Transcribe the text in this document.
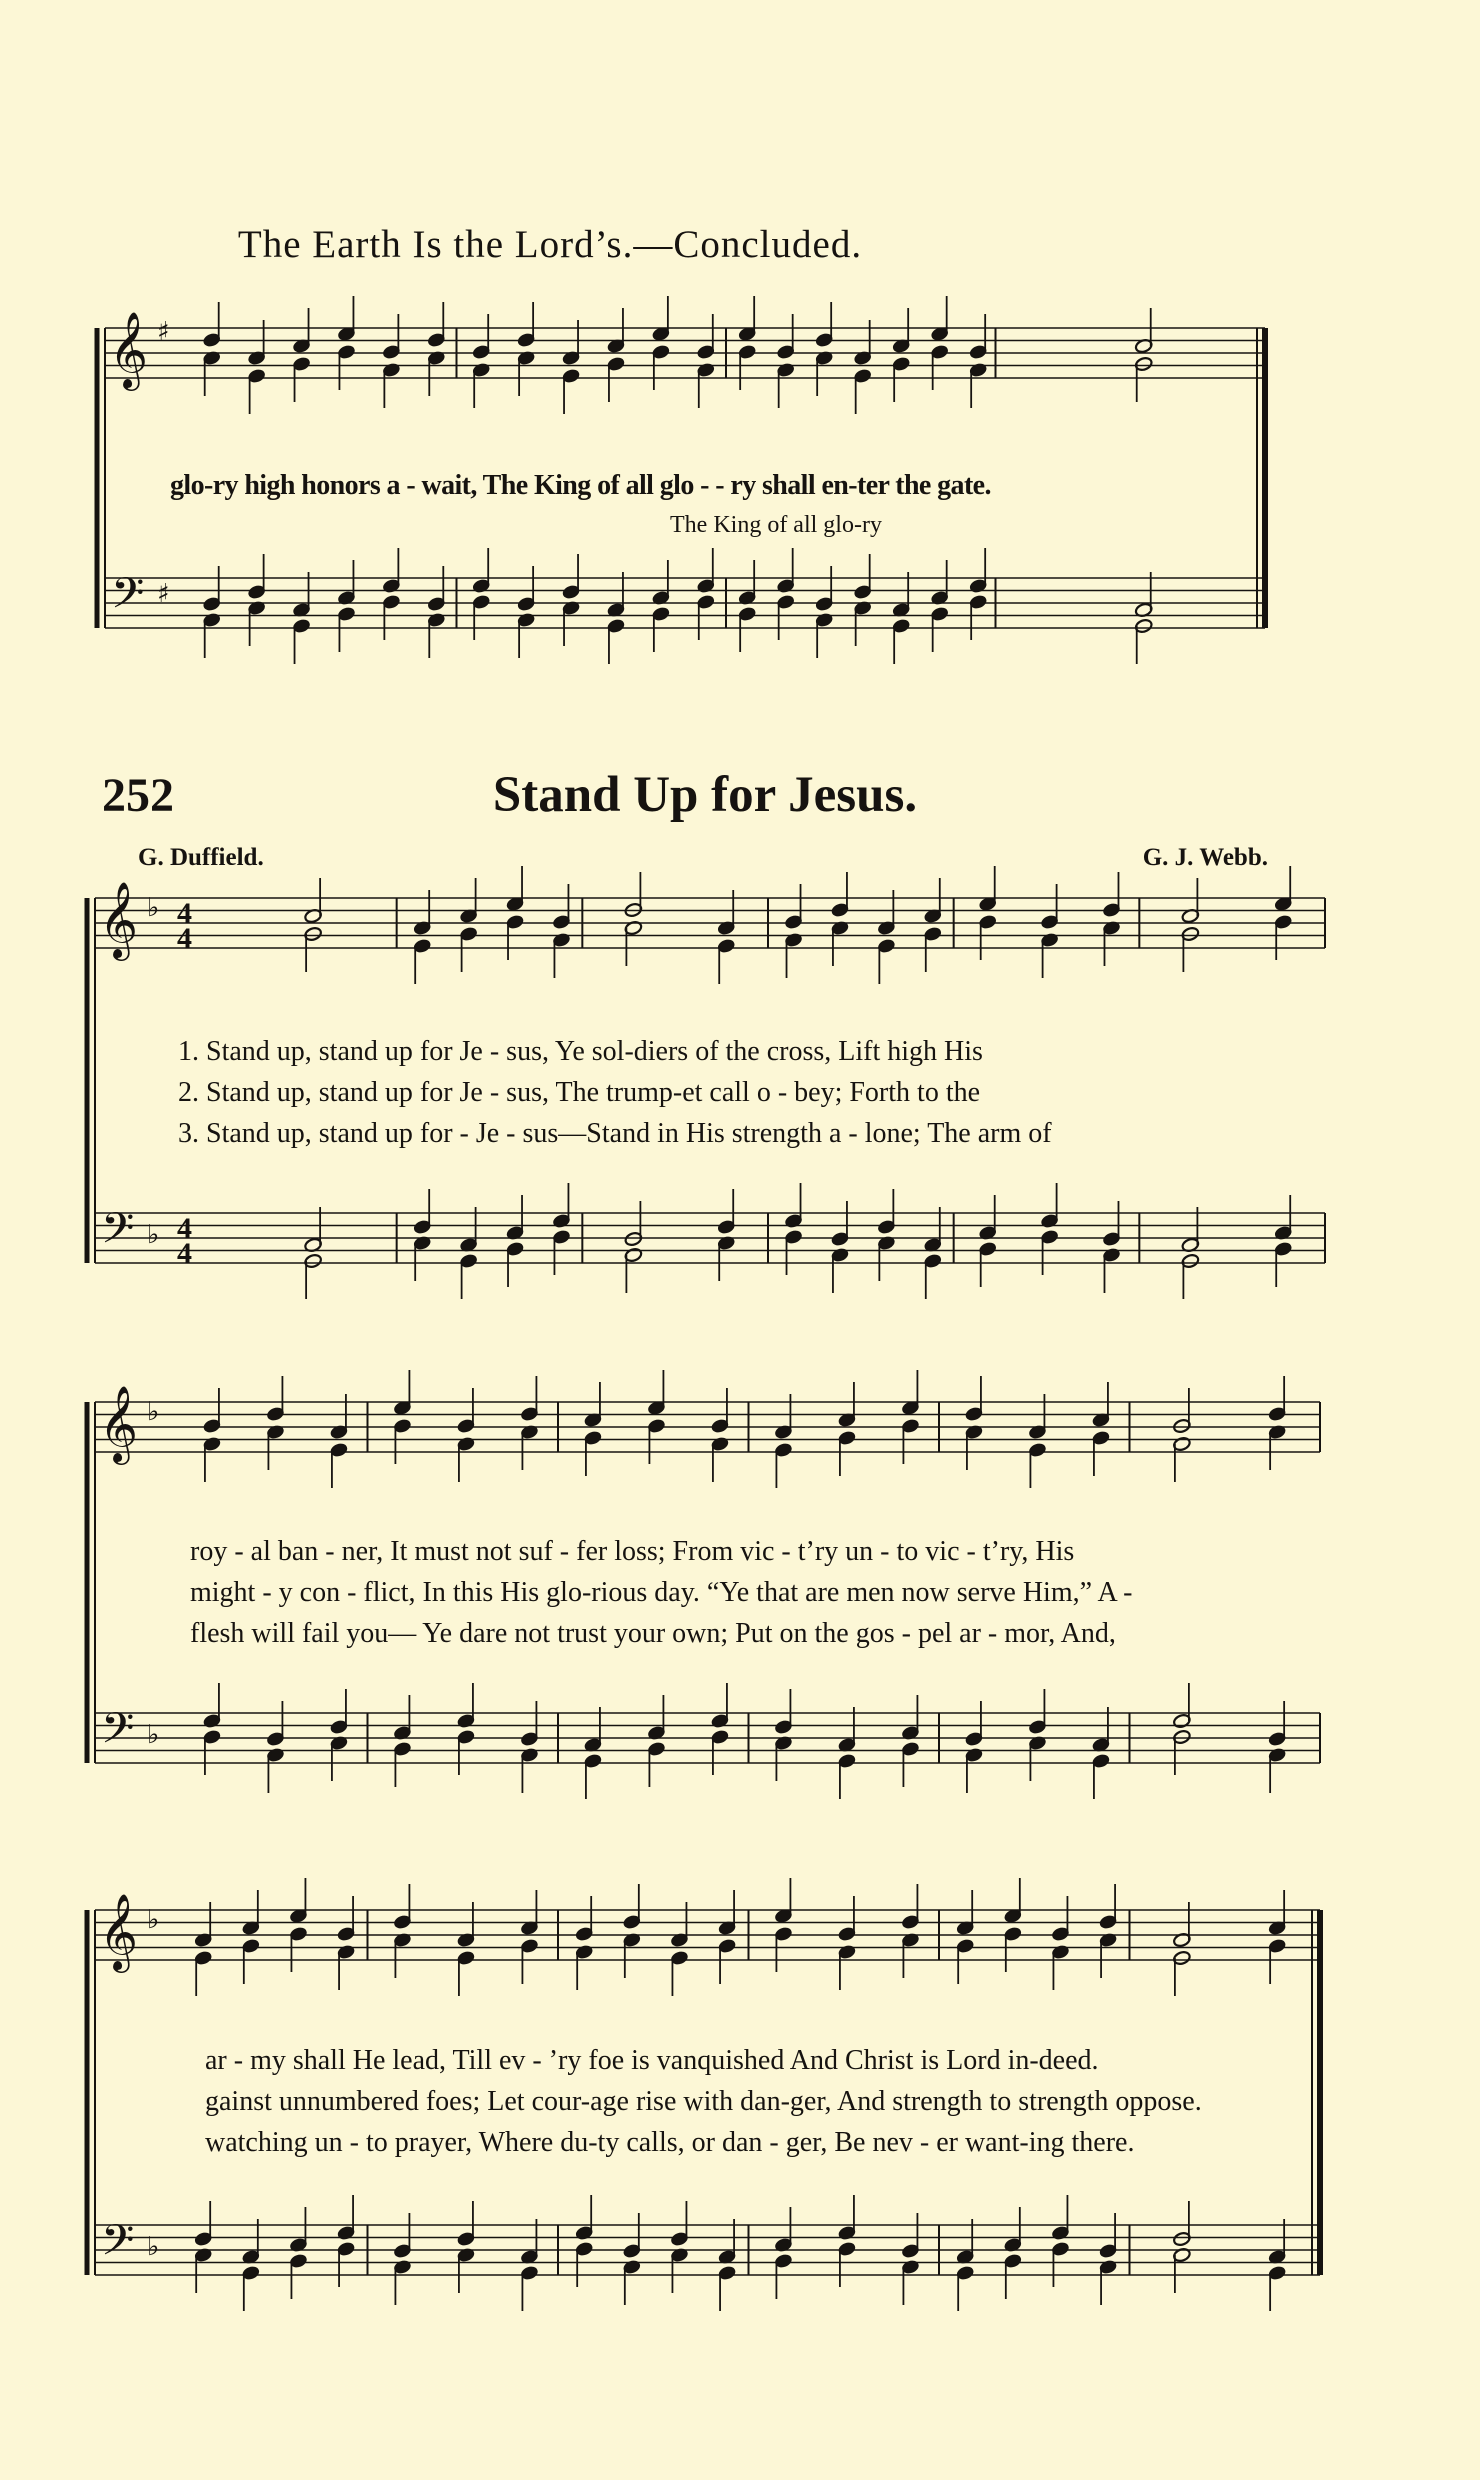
The Earth Is the Lord’s.—Concluded.
252	Stand Up for Jesus.
G. Duffield.	G. J. Webb.
glo-ry high honors a - wait, The King of all glo - - ry shall en-ter the gate.
The King of all glo-ry
1. Stand up, stand up for Je - sus, Ye sol-diers of the cross, Lift high His
2. Stand up, stand up for Je - sus, The trump-et call o - bey; Forth to the
3. Stand up, stand up for - Je - sus—Stand in His strength a - lone; The arm of
roy - al ban - ner, It must not suf - fer loss; From vic - t’ry un - to vic - t’ry, His
might - y con - flict, In this His glo-rious day. “Ye that are men now serve Him,” A -
flesh will fail you— Ye dare not trust your own; Put on the gos - pel ar - mor, And,
ar - my shall He lead, Till ev - ’ry foe is vanquished And Christ is Lord in-deed.
gainst unnumbered foes; Let cour-age rise with dan-ger, And strength to strength oppose.
watching un - to prayer, Where du-ty calls, or dan - ger, Be nev - er want-ing there.
𝄞
𝄢
♯
♯
𝄞
𝄢
♭
♭
4
4
4
4
𝄞
𝄢
♭
♭
𝄞
𝄢
♭
♭
